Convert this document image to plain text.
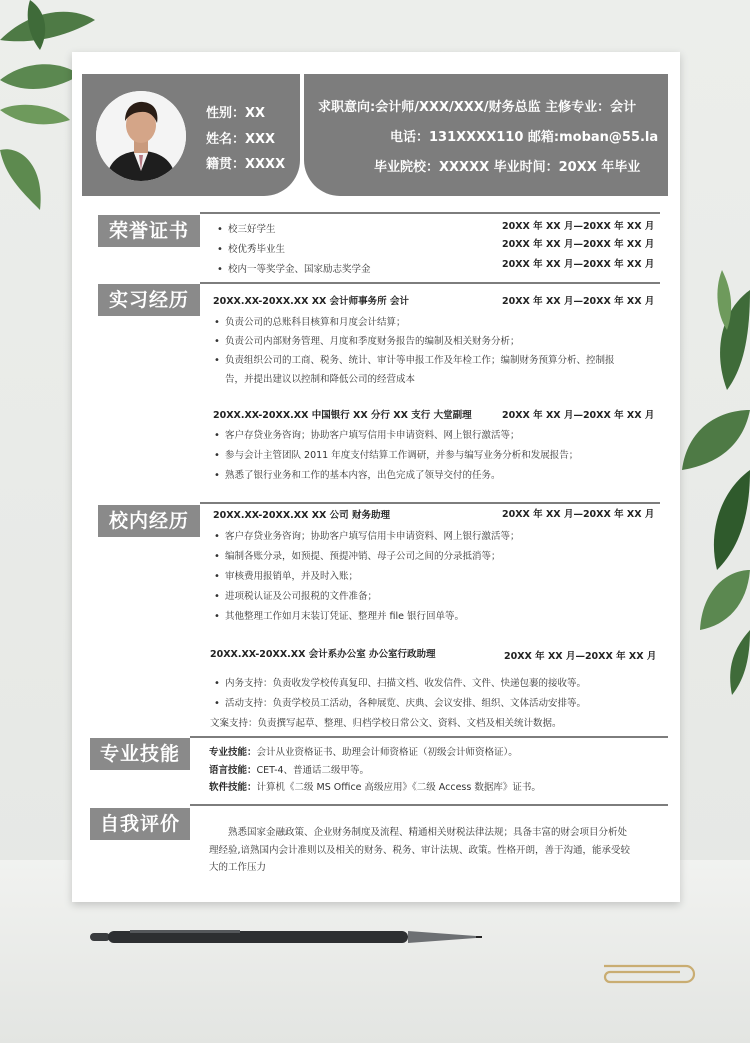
性别：XX
姓名：XXX
籍贯：XXXX
求职意向:会计师/XXX/XXX/财务总监 主修专业：会计
电话：131XXXX110 邮箱:moban@55.la
毕业院校：XXXXX 毕业时间：20XX 年毕业
荣誉证书
•	校三好学生	20XX 年 XX 月—20XX 年 XX 月
• 校优秀毕业生	20XX 年 XX 月—20XX 年 XX 月
• 校内一等奖学金、国家励志奖学金	20XX 年 XX 月—20XX 年 XX 月
实习经历	20XX.XX-20XX.XX XX 会计师事务所 会计	20XX 年 XX 月—20XX 年 XX 月
• 负责公司的总账科目核算和月度会计结算；
• 负责公司内部财务管理、月度和季度财务报告的编制及相关财务分析；
• 负责组织公司的工商、税务、统计、审计等申报工作及年检工作；编制财务预算分析、控制报
告，并提出建议以控制和降低公司的经营成本
20XX.XX-20XX.XX 中国银行 XX 分行 XX 支行 大堂副理	20XX 年 XX 月—20XX 年 XX 月
• 客户存贷业务咨询；协助客户填写信用卡申请资料、网上银行激活等；
• 参与会计主管团队 2011 年度支付结算工作调研，并参与编写业务分析和发展报告；
• 熟悉了银行业务和工作的基本内容，出色完成了领导交付的任务。
校内经历	20XX.XX-20XX.XX XX 公司 财务助理	20XX 年 XX 月—20XX 年 XX 月
• 客户存贷业务咨询；协助客户填写信用卡申请资料、网上银行激活等；
• 编制各账分录，如预提、预提冲销、母子公司之间的分录抵消等；
• 审核费用报销单，并及时入账；
• 进项税认证及公司报税的文件准备；
• 其他整理工作如月末装订凭证、整理并 file 银行回单等。
20XX.XX-20XX.XX 会计系办公室 办公室行政助理	20XX 年 XX 月—20XX 年 XX 月
• 内务支持：负责收发学校传真复印、扫描文档、收发信件、文件、快递包裹的接收等。
• 活动支持：负责学校员工活动，各种展览、庆典、会议安排、组织、文体活动安排等。
文案支持：负责撰写起草、整理、归档学校日常公文、资料、文档及相关统计数据。
专业技能	专业技能：会计从业资格证书、助理会计师资格证（初级会计师资格证）。
语言技能：CET-4、普通话二级甲等。
软件技能：计算机《二级 MS Office 高级应用》《二级 Access 数据库》证书。
自我评价	熟悉国家金融政策、企业财务制度及流程、精通相关财税法律法规；具备丰富的财会项目分析处
理经验,谙熟国内会计准则以及相关的财务、税务、审计法规、政策。性格开朗，善于沟通，能承受较
大的工作压力
